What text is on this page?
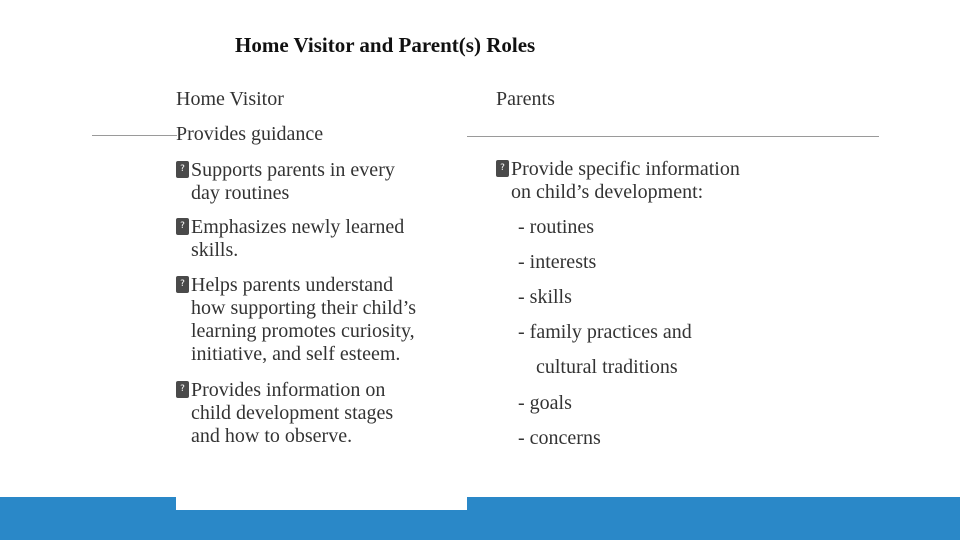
Home Visitor and Parent(s) Roles
Home Visitor	Parents
Provides guidance
? Supports parents in every
day routines
? Emphasizes newly learned
skills.
? Helps parents understand
how supporting their child’s
learning promotes curiosity,
initiative, and self esteem.
? Provides information on
child development stages
and how to observe.
? Provide specific information
on child’s development:
- routines
- interests
- skills
- family practices and
cultural traditions
- goals
- concerns
